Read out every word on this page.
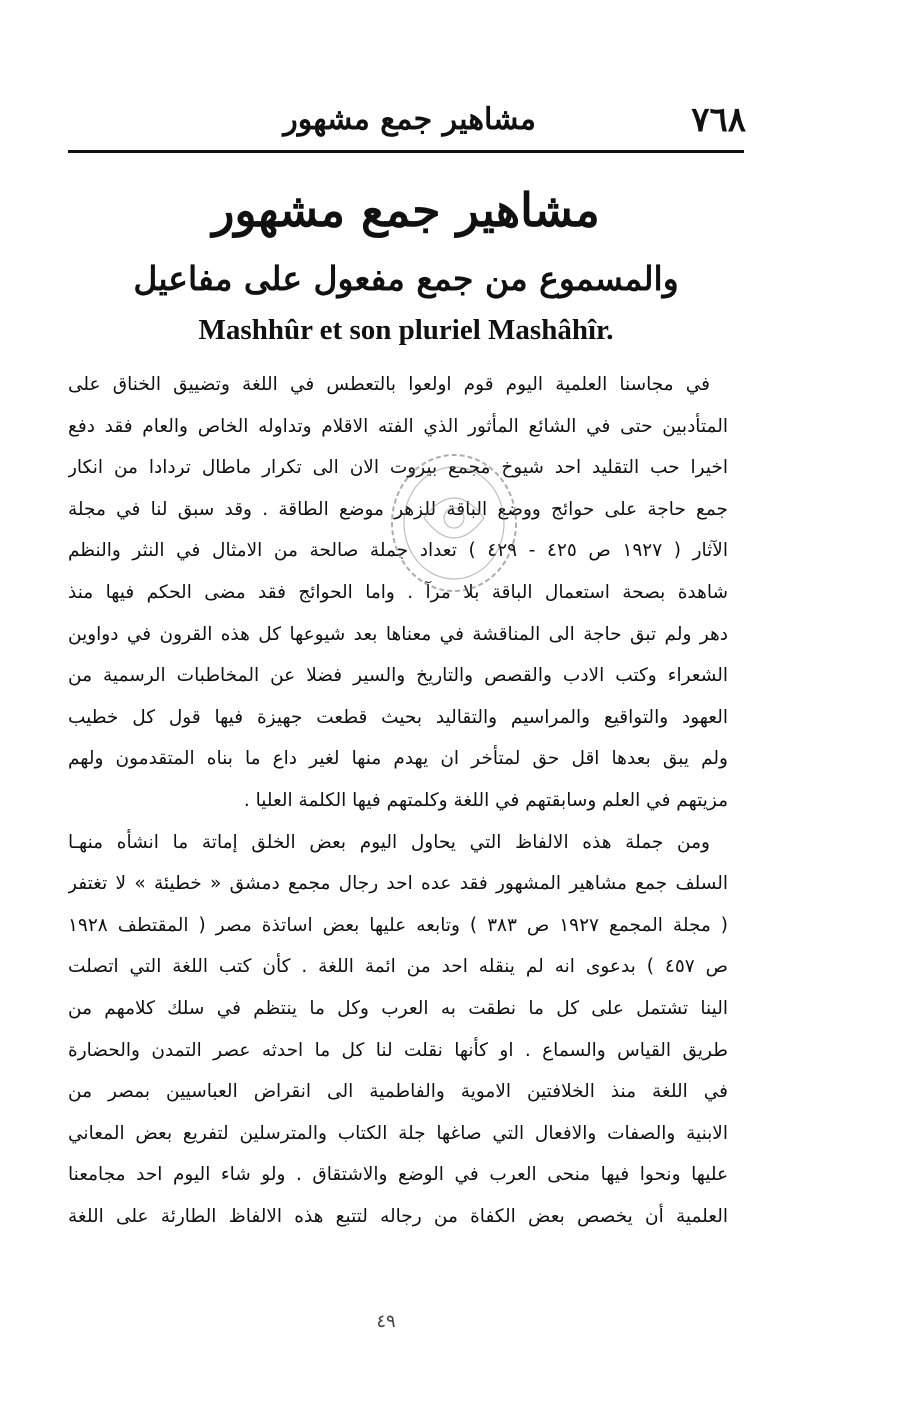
٧٦٨
مشاهير جمع مشهور
مشاهير جمع مشهور
والمسموع من جمع مفعول على مفاعيل
Mashhûr et son pluriel Mashâhîr.
في مجاسنا العلمية اليوم قوم اولعوا بالتعطس في اللغة وتضييق الخناق على
المتأدبين حتى في الشائع المأثور الذي الفته الاقلام وتداوله الخاص والعام فقد دفع
اخيرا حب التقليد احد شيوخ مجمع بيروت الان الى تكرار ماطال تردادا من انكار
جمع حاجة على حوائج ووضع الباقة للزهر موضع الطاقة . وقد سبق لنا في مجلة
الآثار ( ١٩٢٧ ص ٤٢٥ - ٤٢٩ ) تعداد جملة صالحة من الامثال في النثر والنظم
شاهدة بصحة استعمال الباقة بلا مرآ . واما الحوائج فقد مضى الحكم فيها منذ
دهر ولم تبق حاجة الى المناقشة في معناها بعد شيوعها كل هذه القرون في دواوين
الشعراء وكتب الادب والقصص والتاريخ والسير فضلا عن المخاطبات الرسمية من
العهود والتواقيع والمراسيم والتقاليد بحيث قطعت جهيزة فيها قول كل خطيب
ولم يبق بعدها اقل حق لمتأخر ان يهدم منها لغير داع ما بناه المتقدمون ولهم
مزيتهم في العلم وسابقتهم في اللغة وكلمتهم فيها الكلمة العليا .
ومن جملة هذه الالفاظ التي يحاول اليوم بعض الخلق إماتة ما انشأه منهـا
السلف جمع مشاهير المشهور فقد عده احد رجال مجمع دمشق « خطيئة » لا تغتفر
( مجلة المجمع ١٩٢٧ ص ٣٨٣ ) وتابعه عليها بعض اساتذة مصر ( المقتطف ١٩٢٨
ص ٤٥٧ ) بدعوى انه لم ينقله احد من ائمة اللغة . كأن كتب اللغة التي اتصلت
الينا تشتمل على كل ما نطقت به العرب وكل ما ينتظم في سلك كلامهم من
طريق القياس والسماع . او كأنها نقلت لنا كل ما احدثه عصر التمدن والحضارة
في اللغة منذ الخلافتين الاموية والفاطمية الى انقراض العباسيين بمصر من
الابنية والصفات والافعال التي صاغها جلة الكتاب والمترسلين لتفريع بعض المعاني
عليها ونحوا فيها منحى العرب في الوضع والاشتقاق . ولو شاء اليوم احد مجامعنا
العلمية أن يخصص بعض الكفاة من رجاله لتتبع هذه الالفاظ الطارئة على اللغة
٤٩
